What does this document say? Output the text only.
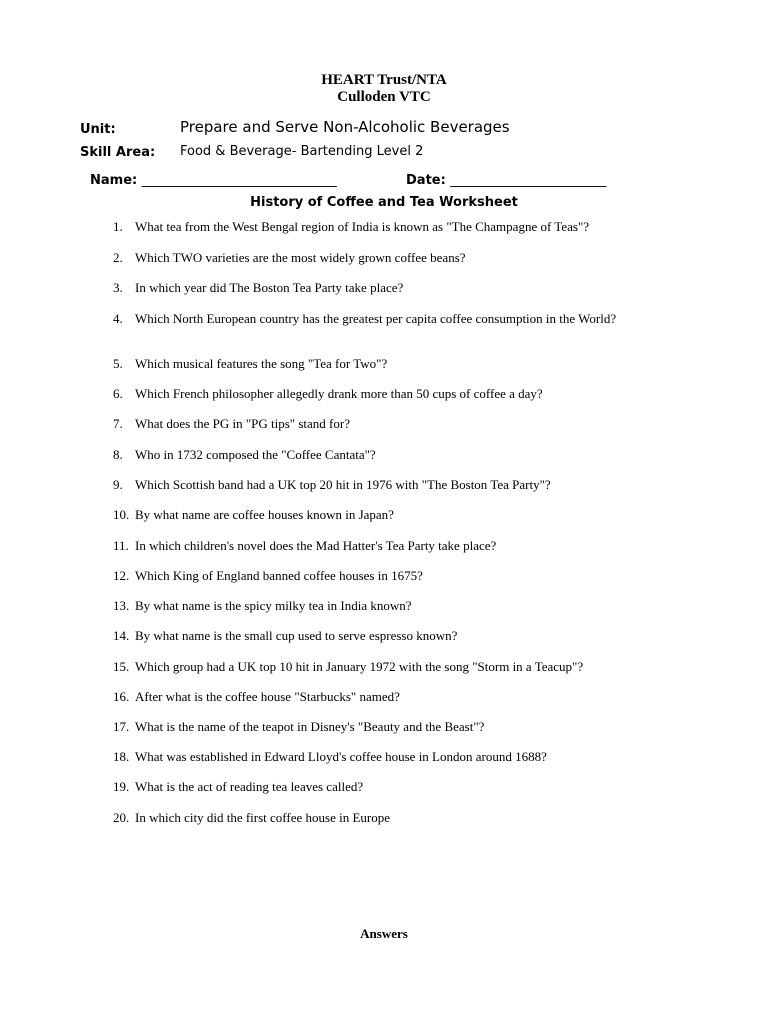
HEART Trust/NTA
Culloden VTC
Unit:	Prepare and Serve Non-Alcoholic Beverages
Skill Area: Food & Beverage- Bartending Level 2
Name: ______________________________	Date: ________________________
History of Coffee and Tea Worksheet
1. What tea from the West Bengal region of India is known as "The Champagne of Teas"?
2. Which TWO varieties are the most widely grown coffee beans?
3. In which year did The Boston Tea Party take place?
4. Which North European country has the greatest per capita coffee consumption in the World?
5. Which musical features the song "Tea for Two"?
6. Which French philosopher allegedly drank more than 50 cups of coffee a day?
7. What does the PG in "PG tips" stand for?
8. Who in 1732 composed the "Coffee Cantata"?
9. Which Scottish band had a UK top 20 hit in 1976 with "The Boston Tea Party"?
10. By what name are coffee houses known in Japan?
11. In which children's novel does the Mad Hatter's Tea Party take place?
12. Which King of England banned coffee houses in 1675?
13. By what name is the spicy milky tea in India known?
14. By what name is the small cup used to serve espresso known?
15. Which group had a UK top 10 hit in January 1972 with the song "Storm in a Teacup"?
16. After what is the coffee house "Starbucks" named?
17. What is the name of the teapot in Disney's "Beauty and the Beast"?
18. What was established in Edward Lloyd's coffee house in London around 1688?
19. What is the act of reading tea leaves called?
20. In which city did the first coffee house in Europe
Answers
